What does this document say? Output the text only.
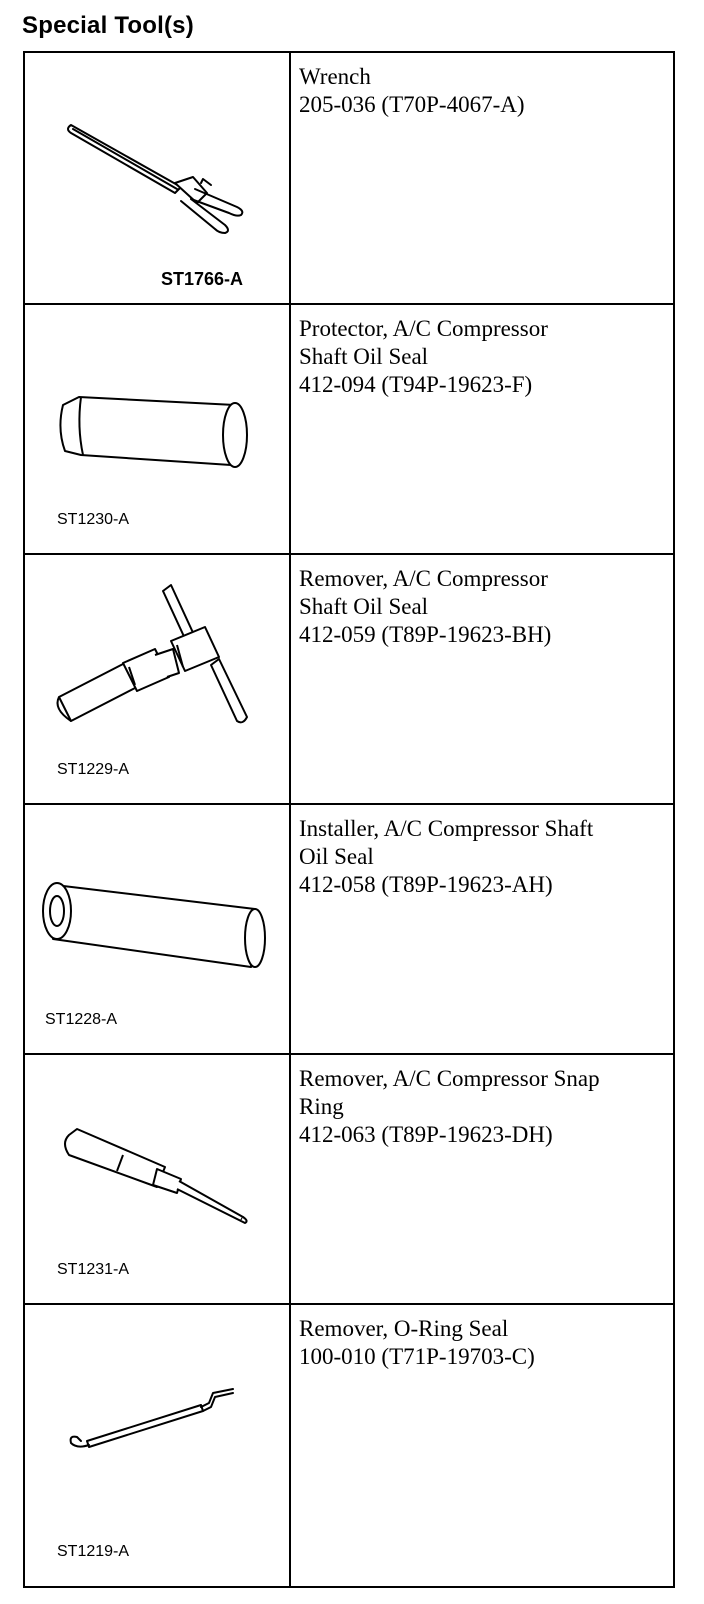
Special Tool(s)
ST1766-A
Wrench
205-036 (T70P-4067-A)
ST1230-A
Protector, A/C Compressor
Shaft Oil Seal
412-094 (T94P-19623-F)
ST1229-A
Remover, A/C Compressor
Shaft Oil Seal
412-059 (T89P-19623-BH)
ST1228-A
Installer, A/C Compressor Shaft
Oil Seal
412-058 (T89P-19623-AH)
ST1231-A
Remover, A/C Compressor Snap
Ring
412-063 (T89P-19623-DH)
ST1219-A
Remover, O-Ring Seal
100-010 (T71P-19703-C)
